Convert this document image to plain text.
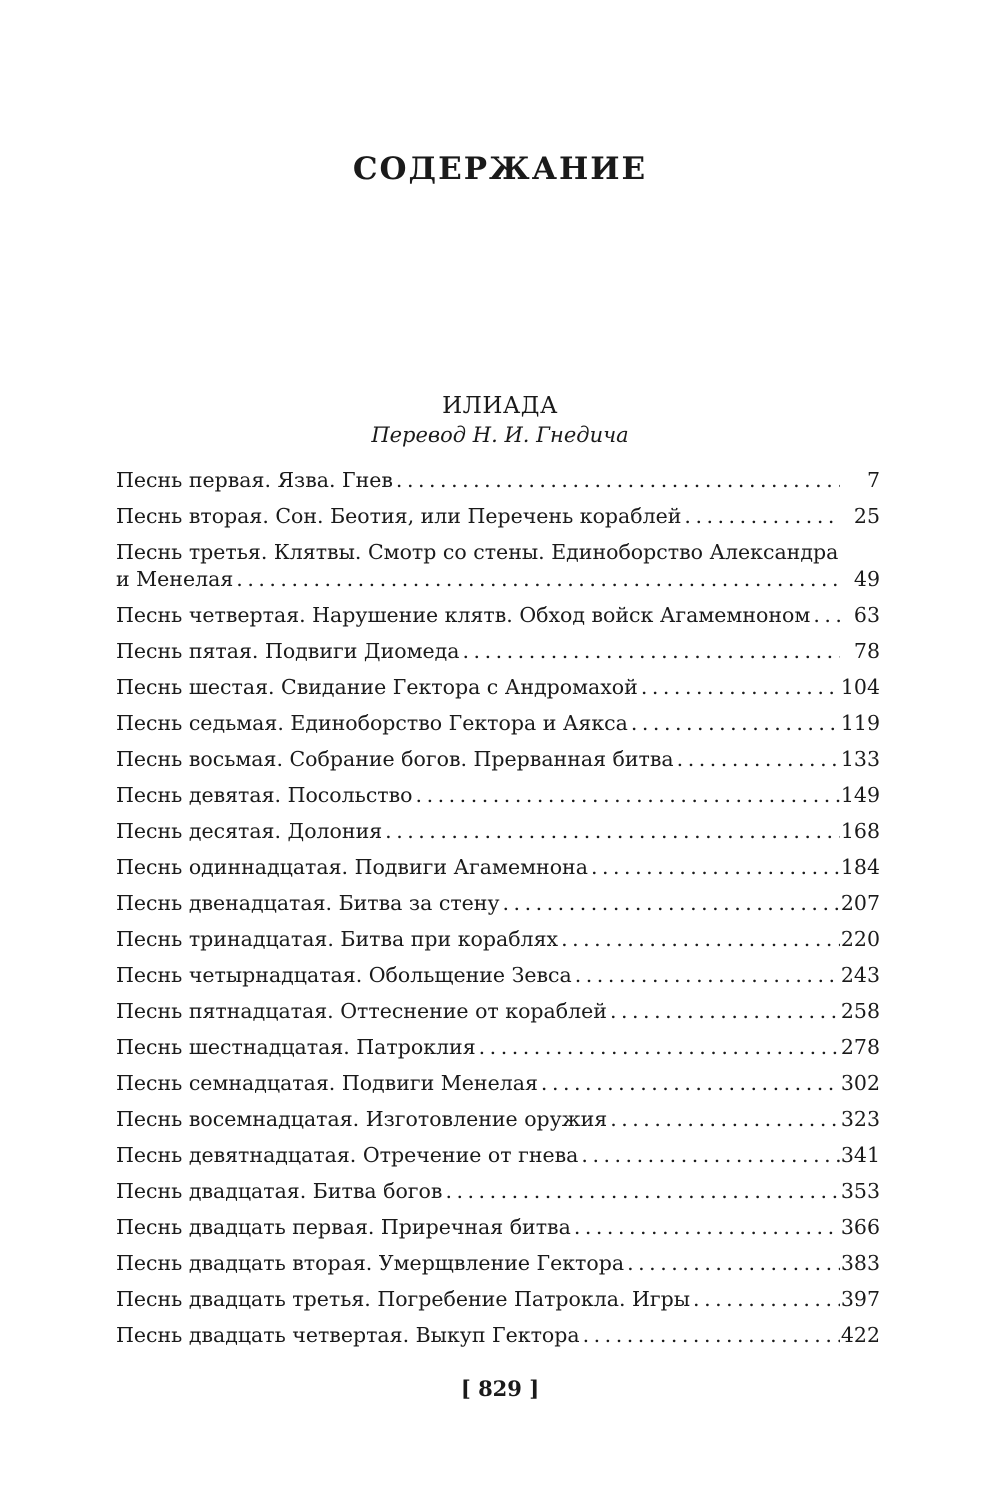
СОДЕРЖАНИЕ
ИЛИАДА
Перевод Н. И. Гнедича
Песнь первая. Язва. Гнев . . .	7
Песнь вторая. Сон. Беотия, или Перечень кораблей . . .	25
Песнь третья. Клятвы. Смотр со стены. Единоборство Александра
и Менелая . . .	49
Песнь четвертая. Нарушение клятв. Обход войск Агамемноном . . .	63
Песнь пятая. Подвиги Диомеда . . .	78
Песнь шестая. Свидание Гектора с Андромахой . . .	104
Песнь седьмая. Единоборство Гектора и Аякса . . .	119
Песнь восьмая. Собрание богов. Прерванная битва . . .	133
Песнь девятая. Посольство . . .	149
Песнь десятая. Долония . . .	168
Песнь одиннадцатая. Подвиги Агамемнона . . .	184
Песнь двенадцатая. Битва за стену . . .	207
Песнь тринадцатая. Битва при кораблях . . .	220
Песнь четырнадцатая. Обольщение Зевса . . .	243
Песнь пятнадцатая. Оттеснение от кораблей . . .	258
Песнь шестнадцатая. Патроклия . . .	278
Песнь семнадцатая. Подвиги Менелая . . .	302
Песнь восемнадцатая. Изготовление оружия . . .	323
Песнь девятнадцатая. Отречение от гнева . . .	341
Песнь двадцатая. Битва богов . . .	353
Песнь двадцать первая. Приречная битва . . .	366
Песнь двадцать вторая. Умерщвление Гектора . . .	383
Песнь двадцать третья. Погребение Патрокла. Игры . . .	397
Песнь двадцать четвертая. Выкуп Гектора . . .	422
[ 829 ]
